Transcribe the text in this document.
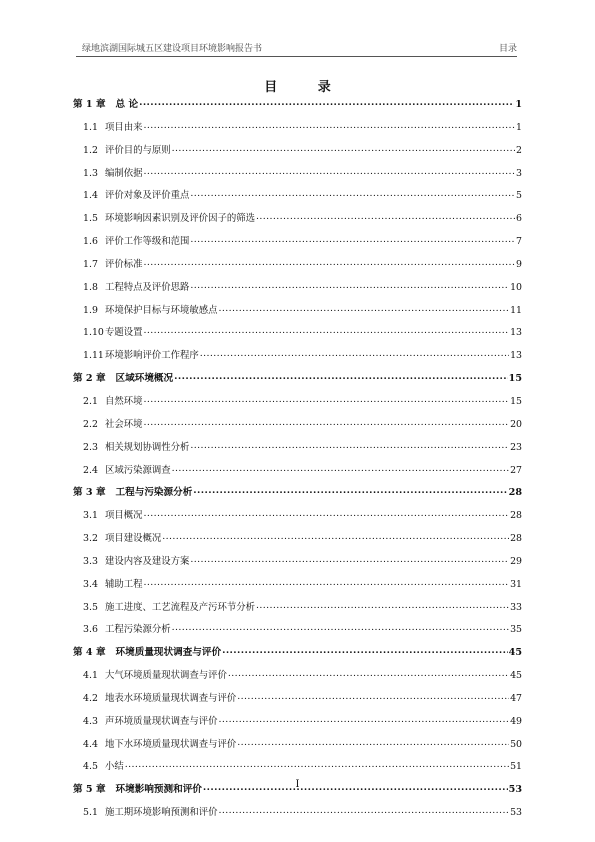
绿地滨湖国际城五区建设项目环境影响报告书	目录
目 录
第 1 章 总 论 .....	1
1.1 项目由来 .....	1
1.2 评价目的与原则 .....	2
1.3 编制依据 .....	3
1.4 评价对象及评价重点 .....	5
1.5 环境影响因素识别及评价因子的筛选 .....	6
1.6 评价工作等级和范围 .....	7
1.7 评价标准 .....	9
1.8 工程特点及评价思路 .....	10
1.9 环境保护目标与环境敏感点 .....	11
1.10 专题设置 .....	13
1.11 环境影响评价工作程序 .....	13
第 2 章 区域环境概况 .....	15
2.1 自然环境 .....	15
2.2 社会环境 .....	20
2.3 相关规划协调性分析 .....	23
2.4 区域污染源调查 .....	27
第 3 章 工程与污染源分析 .....	28
3.1 项目概况 .....	28
3.2 项目建设概况 .....	28
3.3 建设内容及建设方案 .....	29
3.4 辅助工程 .....	31
3.5 施工进度、工艺流程及产污环节分析 .....	33
3.6 工程污染源分析 .....	35
第 4 章 环境质量现状调查与评价 .....	45
4.1 大气环境质量现状调查与评价 .....	45
4.2 地表水环境质量现状调查与评价 .....	47
4.3 声环境质量现状调查与评价 .....	49
4.4 地下水环境质量现状调查与评价 .....	50
4.5 小结 .....	51
第 5 章 环境影响预测和评价 .....	53
5.1 施工期环境影响预测和评价 .....	53
I
